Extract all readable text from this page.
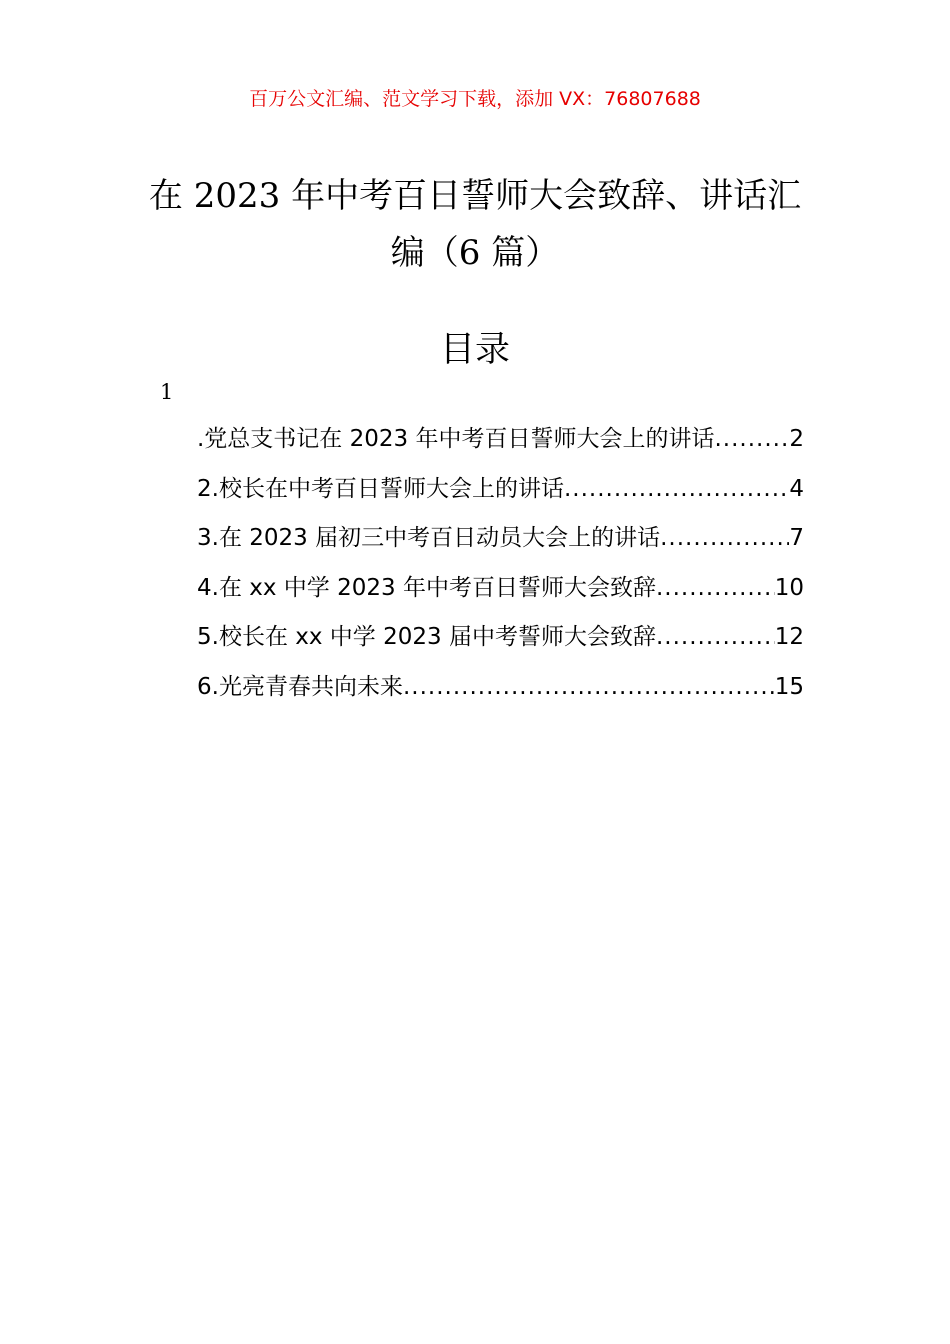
百万公文汇编、范文学习下载，添加 VX：76807688
在 2023 年中考百日誓师大会致辞、讲话汇编（6 篇）
目录
1
.党总支书记在 2023 年中考百日誓师大会上的讲话 .....	2
2.校长在中考百日誓师大会上的讲话 .....	4
3.在 2023 届初三中考百日动员大会上的讲话 .....	7
4.在 xx 中学 2023 年中考百日誓师大会致辞 .....	10
5.校长在 xx 中学 2023 届中考誓师大会致辞 .....	12
6.光亮青春共向未来 .....	15
